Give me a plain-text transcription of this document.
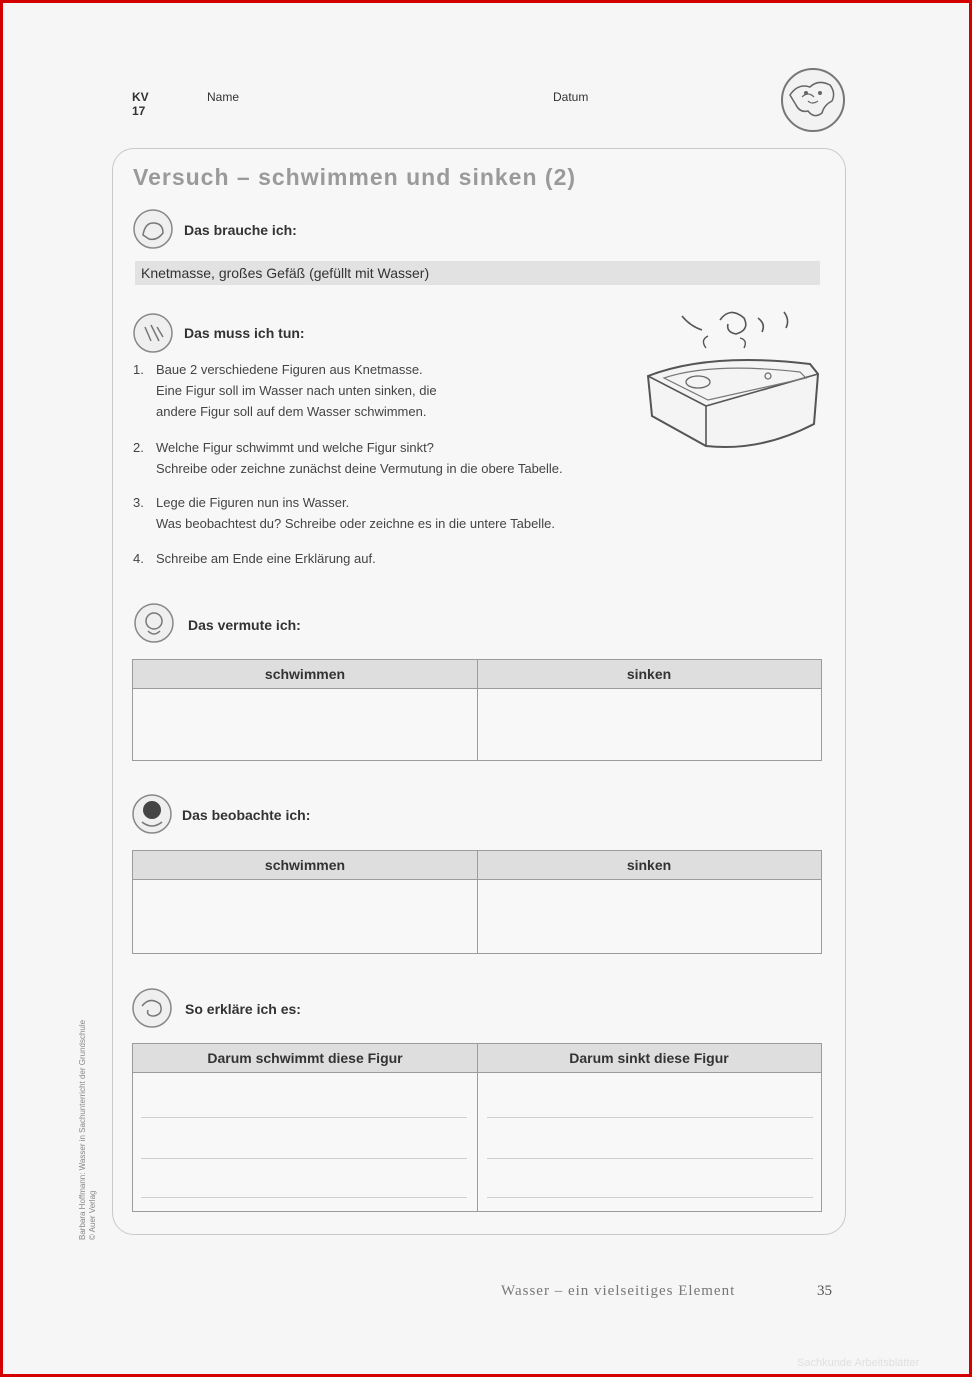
KV 17
Name	Datum
Versuch – schwimmen und sinken (2)
Das brauche ich:
Knetmasse, großes Gefäß (gefüllt mit Wasser)
Das muss ich tun:
1. Baue 2 verschiedene Figuren aus Knetmasse.
Eine Figur soll im Wasser nach unten sinken, die
andere Figur soll auf dem Wasser schwimmen.
2. Welche Figur schwimmt und welche Figur sinkt?
Schreibe oder zeichne zunächst deine Vermutung in die obere Tabelle.
3. Lege die Figuren nun ins Wasser.
Was beobachtest du? Schreibe oder zeichne es in die untere Tabelle.
4. Schreibe am Ende eine Erklärung auf.
Das vermute ich:
schwimmen	sinken
Das beobachte ich:
schwimmen	sinken
So erkläre ich es:
Darum schwimmt diese Figur	Darum sinkt diese Figur
Barbara Hoffmann: Wasser in Sachunterricht der Grundschule © Auer Verlag
Wasser – ein vielseitiges Element	35
Sachkunde Arbeitsblätter
